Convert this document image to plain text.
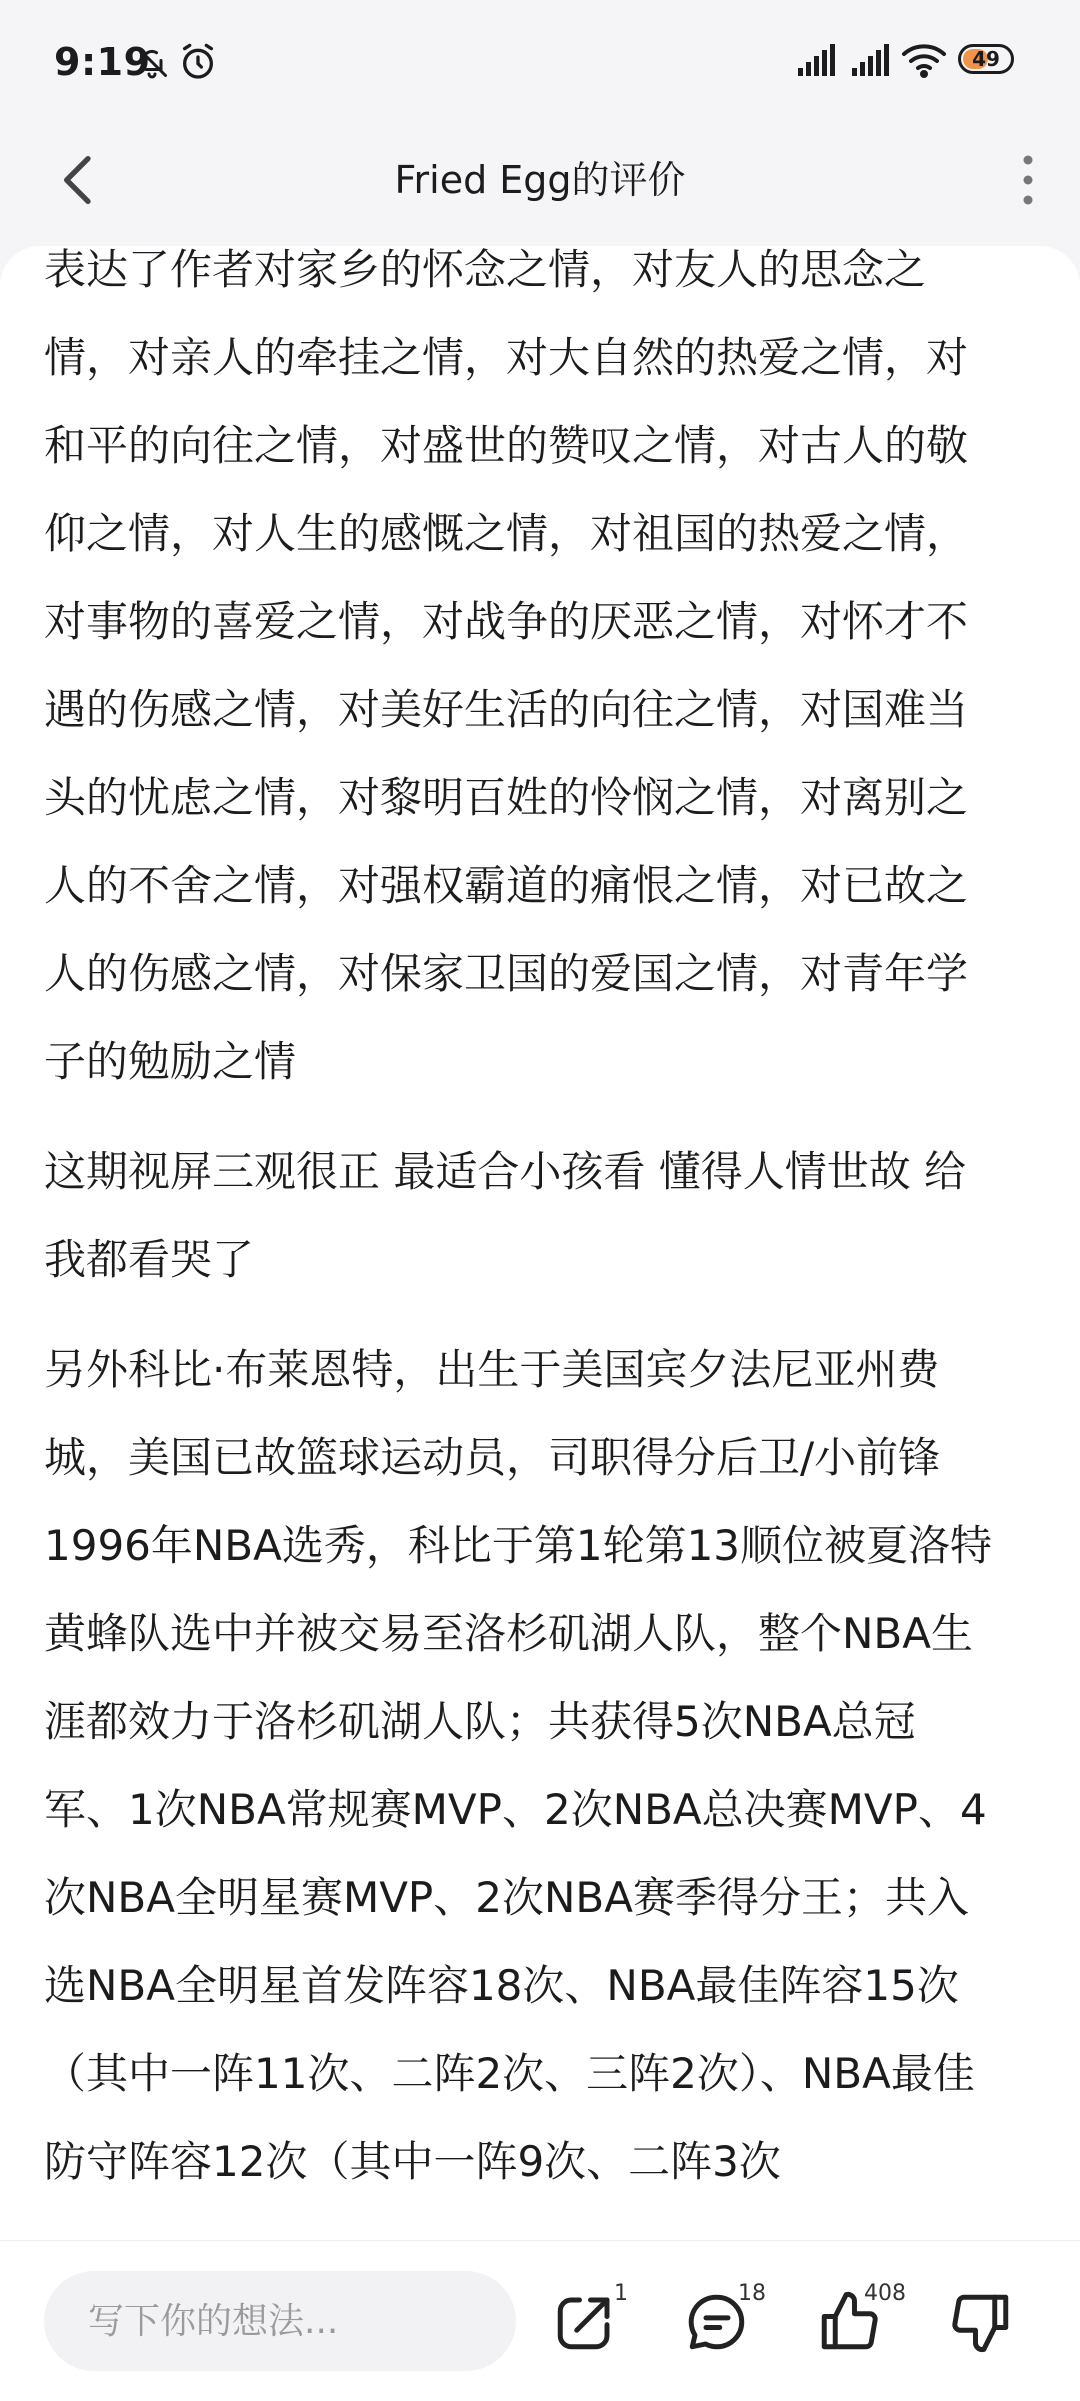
9:19	49
Fried Egg的评价

表达了作者对家乡的怀念之情，对友人的思念之
情，对亲人的牵挂之情，对大自然的热爱之情，对
和平的向往之情，对盛世的赞叹之情，对古人的敬
仰之情，对人生的感慨之情，对祖国的热爱之情，
对事物的喜爱之情，对战争的厌恶之情，对怀才不
遇的伤感之情，对美好生活的向往之情，对国难当
头的忧虑之情，对黎明百姓的怜悯之情，对离别之
人的不舍之情，对强权霸道的痛恨之情，对已故之
人的伤感之情，对保家卫国的爱国之情，对青年学
子的勉励之情

这期视屏三观很正 最适合小孩看 懂得人情世故 给
我都看哭了

另外科比·布莱恩特，出生于美国宾夕法尼亚州费
城，美国已故篮球运动员，司职得分后卫/小前锋
1996年NBA选秀，科比于第1轮第13顺位被夏洛特
黄蜂队选中并被交易至洛杉矶湖人队，整个NBA生
涯都效力于洛杉矶湖人队；共获得5次NBA总冠
军、1次NBA常规赛MVP、2次NBA总决赛MVP、4
次NBA全明星赛MVP、2次NBA赛季得分王；共入
选NBA全明星首发阵容18次、NBA最佳阵容15次
（其中一阵11次、二阵2次、三阵2次）、NBA最佳
防守阵容12次（其中一阵9次、二阵3次

写下你的想法...
1	18	408
